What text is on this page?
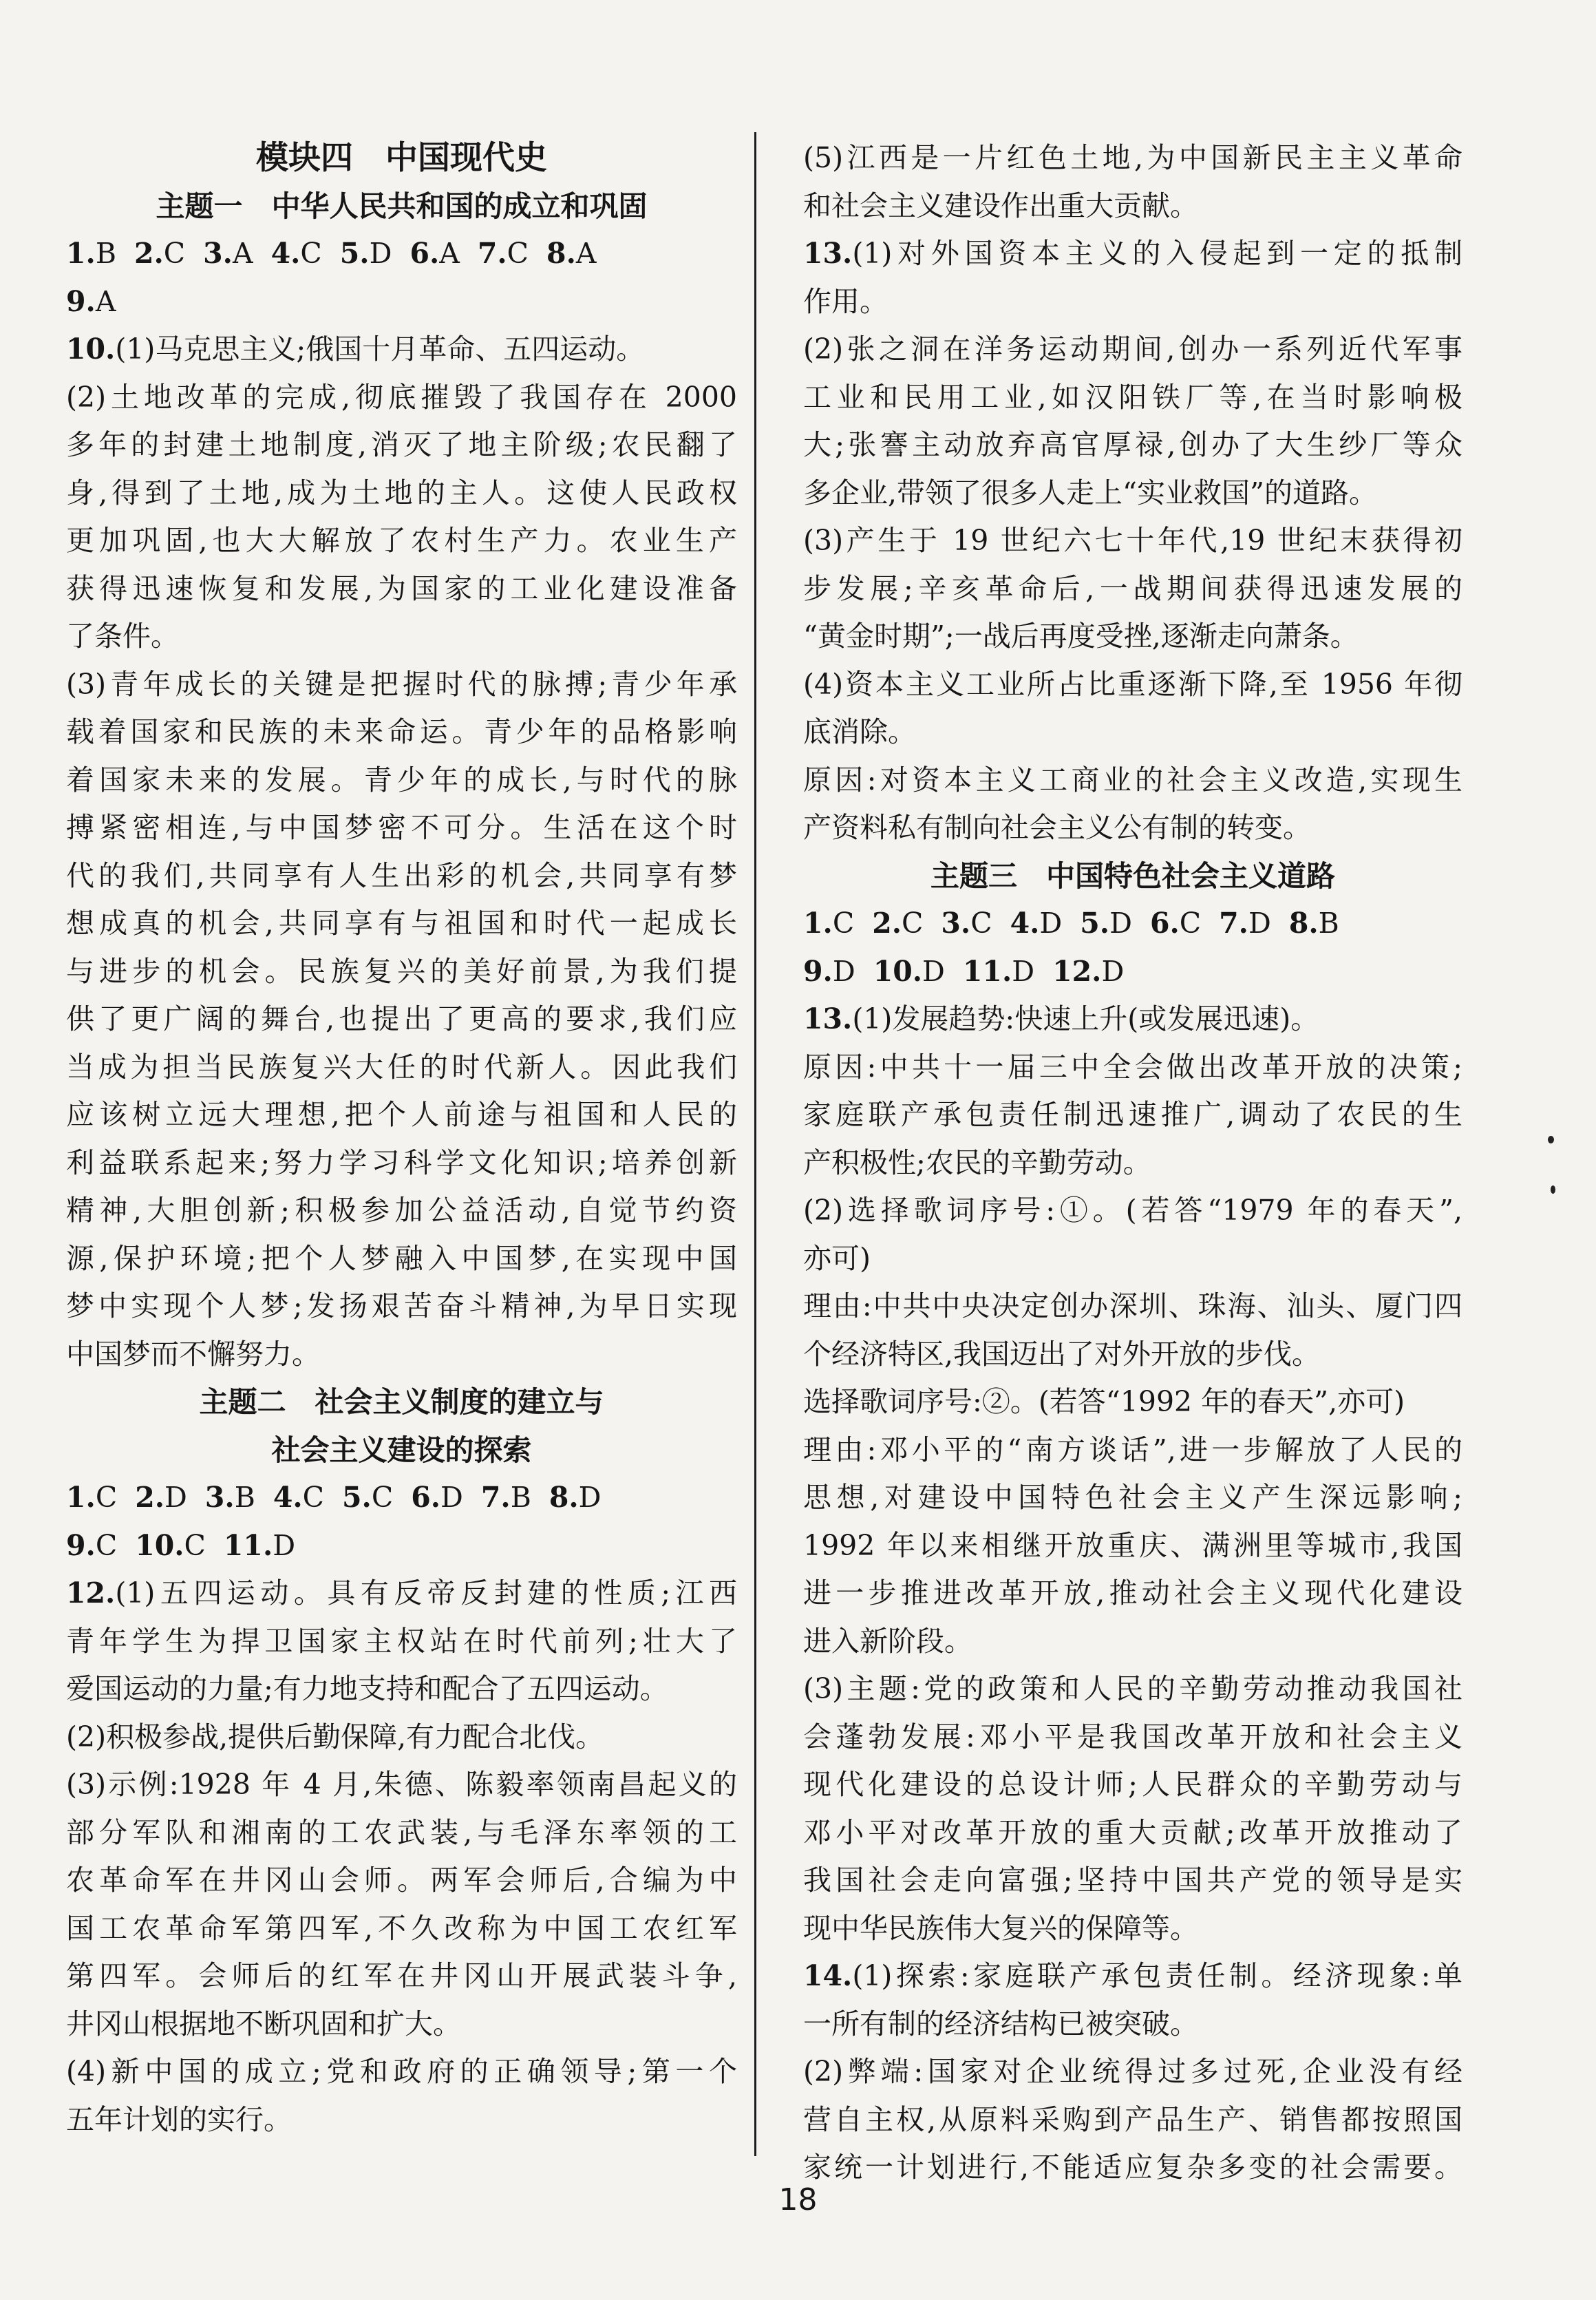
模块四　中国现代史
主题一　中华人民共和国的成立和巩固
1.B 2.C 3.A 4.C 5.D 6.A 7.C 8.A
9.A
10.(1)马克思主义;俄国十月革命、五四运动。
(2)土地改革的完成,彻底摧毁了我国存在 2000
多年的封建土地制度,消灭了地主阶级;农民翻了
身,得到了土地,成为土地的主人。这使人民政权
更加巩固,也大大解放了农村生产力。农业生产
获得迅速恢复和发展,为国家的工业化建设准备
了条件。
(3)青年成长的关键是把握时代的脉搏;青少年承
载着国家和民族的未来命运。青少年的品格影响
着国家未来的发展。青少年的成长,与时代的脉
搏紧密相连,与中国梦密不可分。生活在这个时
代的我们,共同享有人生出彩的机会,共同享有梦
想成真的机会,共同享有与祖国和时代一起成长
与进步的机会。民族复兴的美好前景,为我们提
供了更广阔的舞台,也提出了更高的要求,我们应
当成为担当民族复兴大任的时代新人。因此我们
应该树立远大理想,把个人前途与祖国和人民的
利益联系起来;努力学习科学文化知识;培养创新
精神,大胆创新;积极参加公益活动,自觉节约资
源,保护环境;把个人梦融入中国梦,在实现中国
梦中实现个人梦;发扬艰苦奋斗精神,为早日实现
中国梦而不懈努力。
主题二　社会主义制度的建立与
社会主义建设的探索
1.C 2.D 3.B 4.C 5.C 6.D 7.B 8.D
9.C 10.C 11.D
12.(1)五四运动。具有反帝反封建的性质;江西
青年学生为捍卫国家主权站在时代前列;壮大了
爱国运动的力量;有力地支持和配合了五四运动。
(2)积极参战,提供后勤保障,有力配合北伐。
(3)示例:1928 年 4 月,朱德、陈毅率领南昌起义的
部分军队和湘南的工农武装,与毛泽东率领的工
农革命军在井冈山会师。两军会师后,合编为中
国工农革命军第四军,不久改称为中国工农红军
第四军。会师后的红军在井冈山开展武装斗争,
井冈山根据地不断巩固和扩大。
(4)新中国的成立;党和政府的正确领导;第一个
五年计划的实行。
(5)江西是一片红色土地,为中国新民主主义革命
和社会主义建设作出重大贡献。
13.(1)对外国资本主义的入侵起到一定的抵制
作用。
(2)张之洞在洋务运动期间,创办一系列近代军事
工业和民用工业,如汉阳铁厂等,在当时影响极
大;张謇主动放弃高官厚禄,创办了大生纱厂等众
多企业,带领了很多人走上“实业救国”的道路。
(3)产生于 19 世纪六七十年代,19 世纪末获得初
步发展;辛亥革命后,一战期间获得迅速发展的
“黄金时期”;一战后再度受挫,逐渐走向萧条。
(4)资本主义工业所占比重逐渐下降,至 1956 年彻
底消除。
原因:对资本主义工商业的社会主义改造,实现生
产资料私有制向社会主义公有制的转变。
主题三　中国特色社会主义道路
1.C 2.C 3.C 4.D 5.D 6.C 7.D 8.B
9.D 10.D 11.D 12.D
13.(1)发展趋势:快速上升(或发展迅速)。
原因:中共十一届三中全会做出改革开放的决策;
家庭联产承包责任制迅速推广,调动了农民的生
产积极性;农民的辛勤劳动。
(2)选择歌词序号:①。(若答“1979 年的春天”,
亦可)
理由:中共中央决定创办深圳、珠海、汕头、厦门四
个经济特区,我国迈出了对外开放的步伐。
选择歌词序号:②。(若答“1992 年的春天”,亦可)
理由:邓小平的“南方谈话”,进一步解放了人民的
思想,对建设中国特色社会主义产生深远影响;
1992 年以来相继开放重庆、满洲里等城市,我国
进一步推进改革开放,推动社会主义现代化建设
进入新阶段。
(3)主题:党的政策和人民的辛勤劳动推动我国社
会蓬勃发展:邓小平是我国改革开放和社会主义
现代化建设的总设计师;人民群众的辛勤劳动与
邓小平对改革开放的重大贡献;改革开放推动了
我国社会走向富强;坚持中国共产党的领导是实
现中华民族伟大复兴的保障等。
14.(1)探索:家庭联产承包责任制。经济现象:单
一所有制的经济结构已被突破。
(2)弊端:国家对企业统得过多过死,企业没有经
营自主权,从原料采购到产品生产、销售都按照国
家统一计划进行,不能适应复杂多变的社会需要。
18
